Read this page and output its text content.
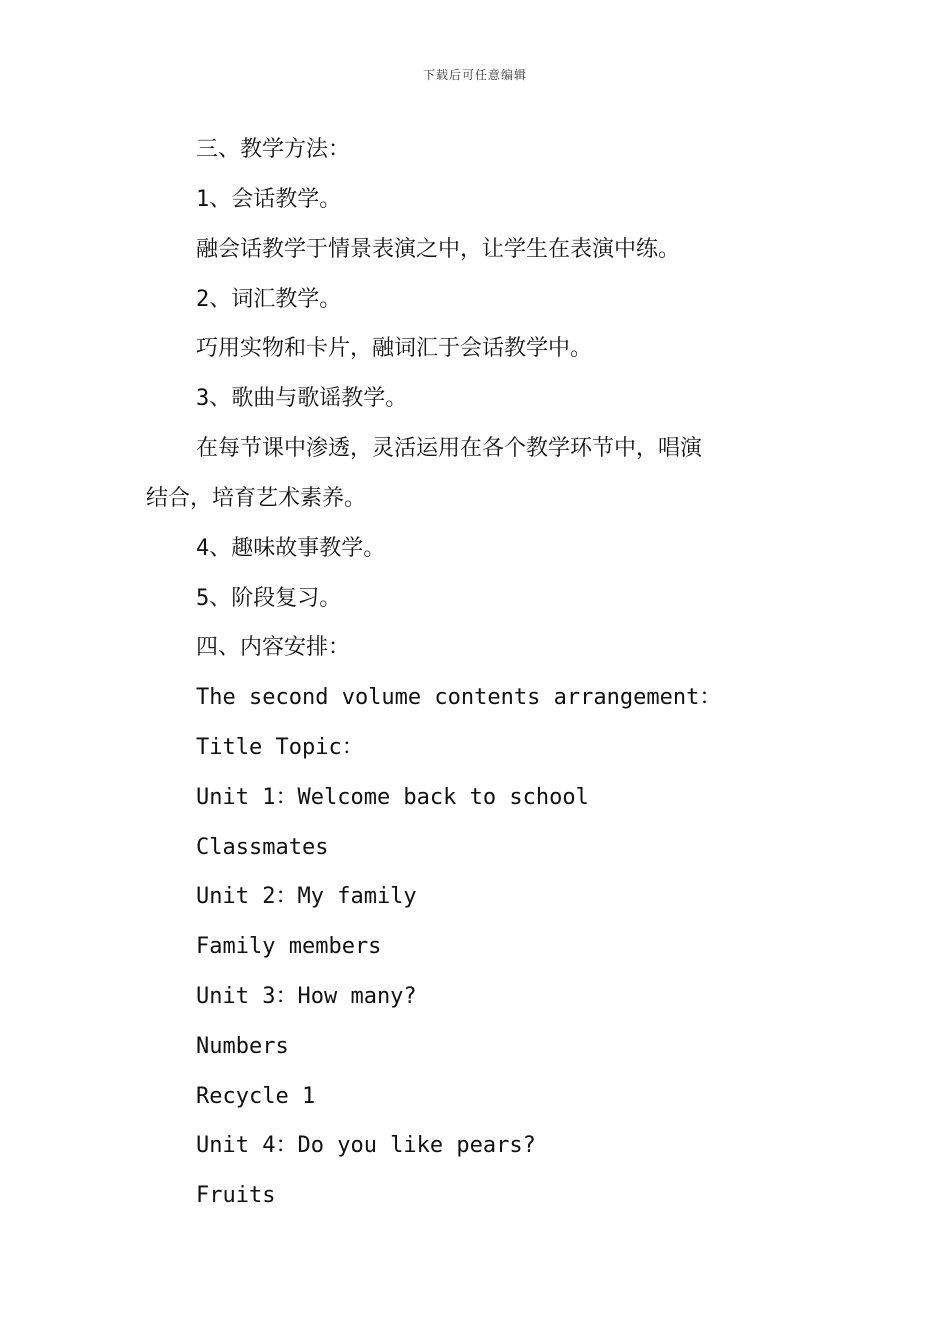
下载后可任意编辑
三、教学方法：
1、会话教学。
融会话教学于情景表演之中，让学生在表演中练。
2、词汇教学。
巧用实物和卡片，融词汇于会话教学中。
3、歌曲与歌谣教学。
在每节课中渗透，灵活运用在各个教学环节中，唱演
结合，培育艺术素养。
4、趣味故事教学。
5、阶段复习。
四、内容安排：
The second volume contents arrangement：
Title Topic：
Unit 1：Welcome back to school
Classmates
Unit 2：My family
Family members
Unit 3：How many?
Numbers
Recycle 1
Unit 4：Do you like pears?
Fruits
